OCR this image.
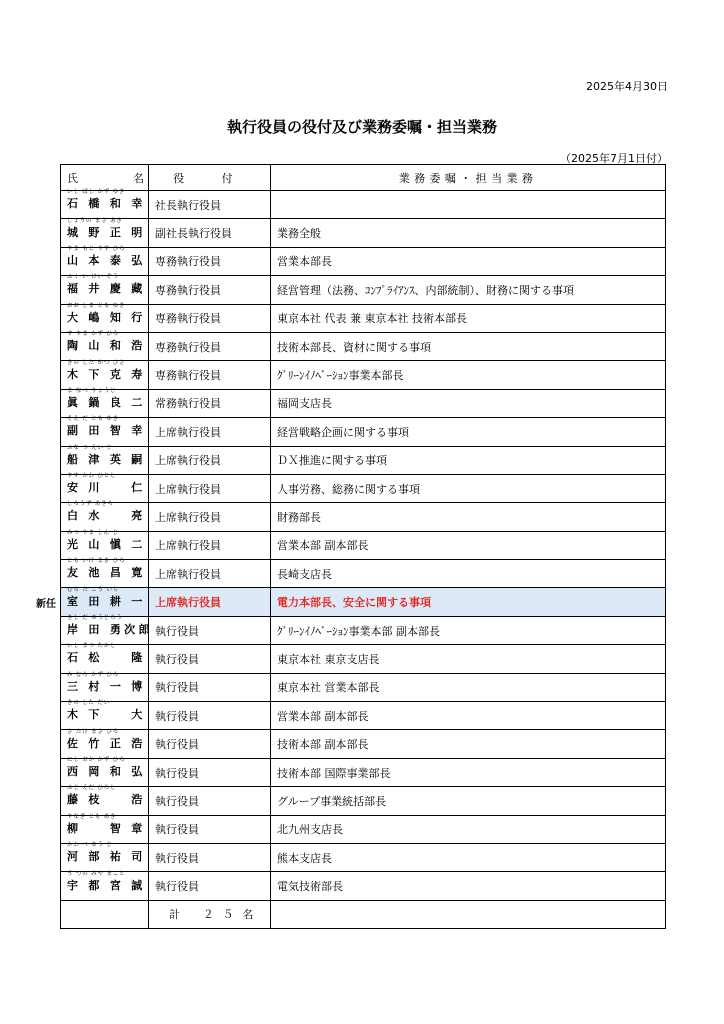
2025年4月30日
執行役員の役付及び業務委嘱・担当業務
（2025年7月1日付）
氏　名	役　付	業務委嘱・担当業務

いし ばし かず ゆき
石 橋 和 幸	社長執行役員	

じょうの まさ あき
城 野 正 明	副社長執行役員	業務全般

やま もと やす ひろ
山 本 泰 弘	専務執行役員	営業本部長

ふく い けい ぞう
福 井 慶 藏	専務執行役員	経営管理（法務、ｺﾝﾌﾟﾗｲｱﾝｽ、内部統制）、財務に関する事項

おお しま とも ゆき
大 嶋 知 行	専務執行役員	東京本社 代表 兼 東京本社 技術本部長

す やま かず ひろ
陶 山 和 浩	専務執行役員	技術本部長、資材に関する事項

きの した かつ ひさ
木 下 克 寿	専務執行役員	ｸﾞﾘｰﾝｲﾉﾍﾞｰｼｮﾝ事業本部長

ま なべ りょうじ
眞 鍋 良 二	常務執行役員	福岡支店長

そえ だ とも ゆき
副 田 智 幸	上席執行役員	経営戦略企画に関する事項

ふな つ えい じ
船 津 英 嗣	上席執行役員	ＤＸ推進に関する事項

やす かわ ひとし
安 川 　 仁	上席執行役員	人事労務、総務に関する事項

しろうず あきら
白 水 　 亮	上席執行役員	財務部長

みつ やま しん じ
光 山 愼 二	上席執行役員	営業本部 副本部長

とも いけ まさ ひろ
友 池 昌 寛	上席執行役員	長崎支店長

むろ た こう いち
室 田 耕 一	上席執行役員	電力本部長、安全に関する事項

きし だ ゆうじろう
岸 田 勇次郎	執行役員	ｸﾞﾘｰﾝｲﾉﾍﾞｰｼｮﾝ事業本部 副本部長

いし まつ たかし
石 松 　 隆	執行役員	東京本社 東京支店長

み むら かず ひろ
三 村 一 博	執行役員	東京本社 営業本部長

きの した だい
木 下 　 大	執行役員	営業本部 副本部長

さ たけ まさ ひろ
佐 竹 正 浩	執行役員	技術本部 副本部長

にし おか かず ひろ
西 岡 和 弘	執行役員	技術本部 国際事業部長

ふじ えだ ひろし
藤 枝 　 浩	執行役員	グループ事業統括部長

やなぎ とも あき
柳 　 智 章	執行役員	北九州支店長

かわ べ ゆう じ
河 部 祐 司	執行役員	熊本支店長

う つの みや まこと
宇 都 宮 誠	執行役員	電気技術部長
	計 ２５名	
新任
